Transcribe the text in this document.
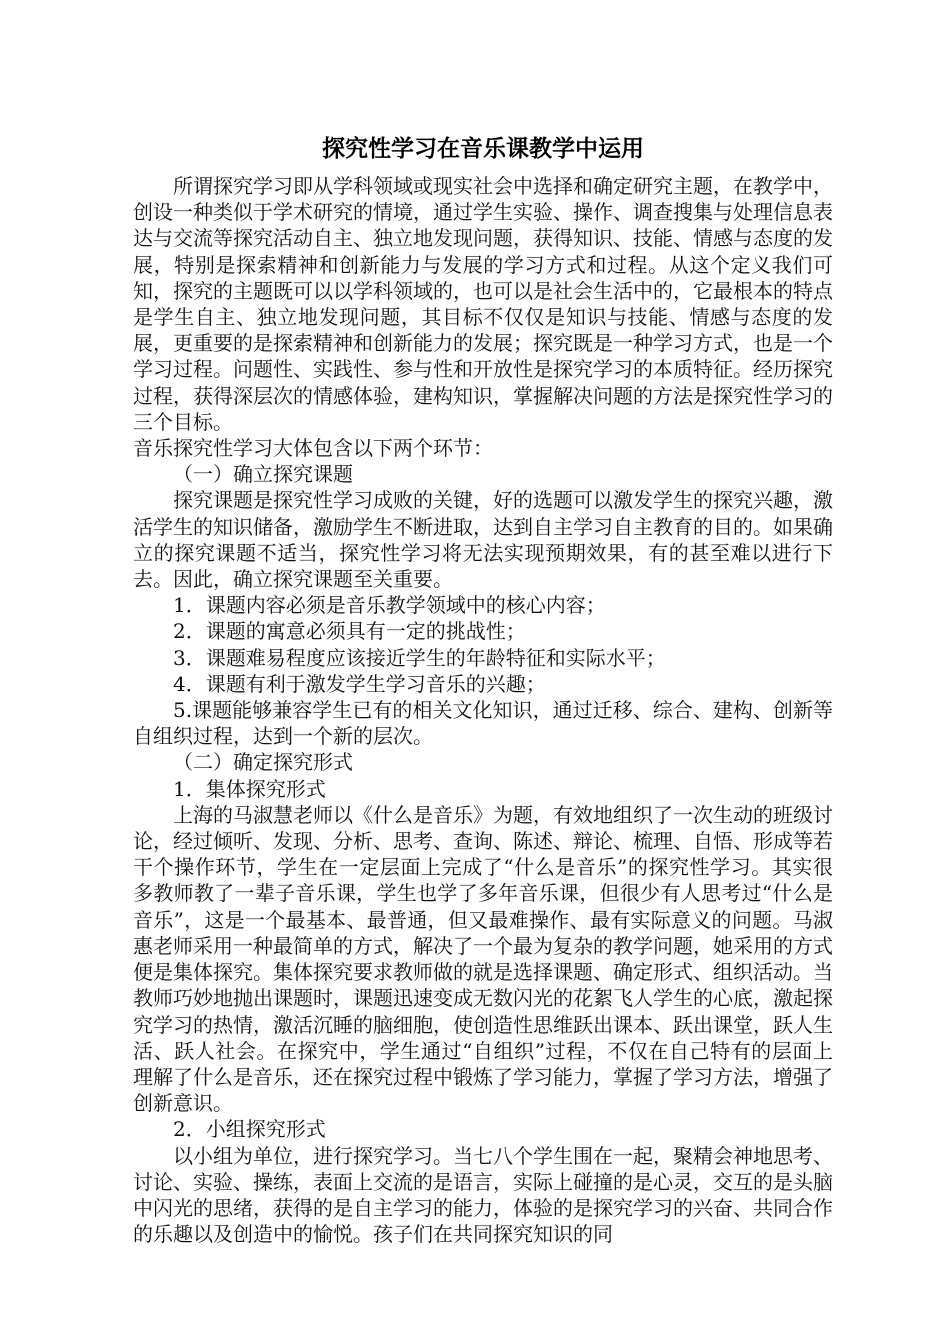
探究性学习在音乐课教学中运用

所谓探究学习即从学科领域或现实社会中选择和确定研究主题，在教学中，创设一种类似于学术研究的情境，通过学生实验、操作、调查搜集与处理信息表达与交流等探究活动自主、独立地发现问题，获得知识、技能、情感与态度的发展，特别是探索精神和创新能力与发展的学习方式和过程。从这个定义我们可知，探究的主题既可以以学科领域的，也可以是社会生活中的，它最根本的特点是学生自主、独立地发现问题，其目标不仅仅是知识与技能、情感与态度的发展，更重要的是探索精神和创新能力的发展；探究既是一种学习方式，也是一个学习过程。问题性、实践性、参与性和开放性是探究学习的本质特征。经历探究过程，获得深层次的情感体验，建构知识，掌握解决问题的方法是探究性学习的三个目标。

音乐探究性学习大体包含以下两个环节：

（一）确立探究课题

探究课题是探究性学习成败的关键，好的选题可以激发学生的探究兴趣，激活学生的知识储备，激励学生不断进取，达到自主学习自主教育的目的。如果确立的探究课题不适当，探究性学习将无法实现预期效果，有的甚至难以进行下去。因此，确立探究课题至关重要。

1．课题内容必须是音乐教学领域中的核心内容；

2．课题的寓意必须具有一定的挑战性；

3．课题难易程度应该接近学生的年龄特征和实际水平；

4．课题有利于激发学生学习音乐的兴趣；

5.课题能够兼容学生已有的相关文化知识，通过迁移、综合、建构、创新等自组织过程，达到一个新的层次。

（二）确定探究形式

1．集体探究形式

上海的马淑慧老师以《什么是音乐》为题，有效地组织了一次生动的班级讨论，经过倾听、发现、分析、思考、查询、陈述、辩论、梳理、自悟、形成等若干个操作环节，学生在一定层面上完成了“什么是音乐”的探究性学习。其实很多教师教了一辈子音乐课，学生也学了多年音乐课，但很少有人思考过“什么是音乐”，这是一个最基本、最普通，但又最难操作、最有实际意义的问题。马淑惠老师采用一种最简单的方式，解决了一个最为复杂的教学问题，她采用的方式便是集体探究。集体探究要求教师做的就是选择课题、确定形式、组织活动。当教师巧妙地抛出课题时，课题迅速变成无数闪光的花絮飞人学生的心底，激起探究学习的热情，激活沉睡的脑细胞，使创造性思维跃出课本、跃出课堂，跃人生活、跃人社会。在探究中，学生通过“自组织”过程，不仅在自己特有的层面上理解了什么是音乐，还在探究过程中锻炼了学习能力，掌握了学习方法，增强了创新意识。

2．小组探究形式

以小组为单位，进行探究学习。当七八个学生围在一起，聚精会神地思考、讨论、实验、操练，表面上交流的是语言，实际上碰撞的是心灵，交互的是头脑中闪光的思绪，获得的是自主学习的能力，体验的是探究学习的兴奋、共同合作的乐趣以及创造中的愉悦。孩子们在共同探究知识的同
